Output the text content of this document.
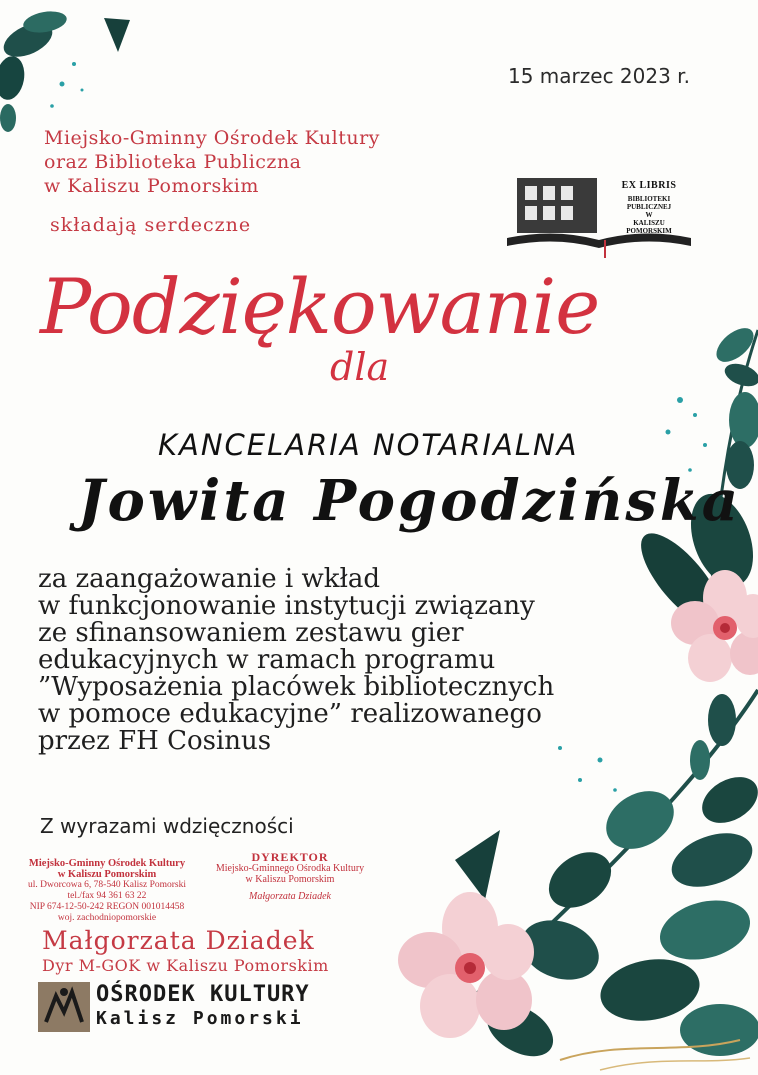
15 marzec 2023 r.
Miejsko-Gminny Ośrodek Kultury
oraz Biblioteka Publiczna
w Kaliszu Pomorskim	EX LIBRIS
BIBLIOTEKI
PUBLICZNEJ
W
KALISZU
POMORSKIM
składają serdeczne
Podziękowanie
dla
KANCELARIA NOTARIALNA
Jowita Pogodzińska
za zaangażowanie i wkład
w funkcjonowanie instytucji związany
ze sfinansowaniem zestawu gier
edukacyjnych w ramach programu
”Wyposażenia placówek bibliotecznych
w pomoce edukacyjne” realizowanego
przez FH Cosinus
Z wyrazami wdzięczności
Miejsko-Gminny Ośrodek Kultury
w Kaliszu Pomorskim
ul. Dworcowa 6, 78-540 Kalisz Pomorski
tel./fax 94 361 63 22
NIP 674-12-50-242 REGON 001014458
woj. zachodniopomorskie
DYREKTOR
Miejsko-Gminnego Ośrodka Kultury
w Kaliszu Pomorskim
Małgorzata Dziadek
Małgorzata Dziadek
Dyr M-GOK w Kaliszu Pomorskim
OŚRODEK KULTURY
Kalisz Pomorski
